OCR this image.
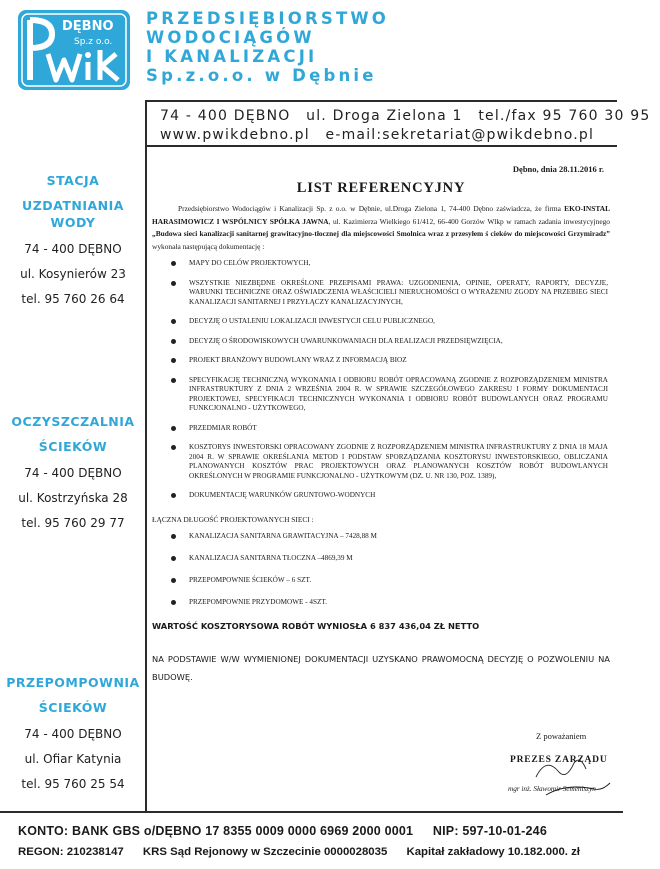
DĘBNO
Sp.z o.o.
PRZEDSIĘBIORSTWO
WODOCIĄGÓW
I KANALIZACJI
Sp.z.o.o. w Dębnie
74 - 400 DĘBNO ul. Droga Zielona 1 tel./fax 95 760 30 95
www.pwikdebno.pl e-mail:sekretariat@pwikdebno.pl
STACJA
UZDATNIANIA WODY
74 - 400 DĘBNO
ul. Kosynierów 23
tel. 95 760 26 64
OCZYSZCZALNIA
ŚCIEKÓW
74 - 400 DĘBNO
ul. Kostrzyńska 28
tel. 95 760 29 77
PRZEPOMPOWNIA
ŚCIEKÓW
74 - 400 DĘBNO
ul. Ofiar Katynia
tel. 95 760 25 54
Dębno, dnia 28.11.2016 r.
LIST REFERENCYJNY

Przedsiębiorstwo Wodociągów i Kanalizacji Sp. z o.o. w Dębnie, ul.Droga Zielona 1, 74-400 Dębno zaświadcza, że firma EKO-INSTAL HARASIMOWICZ I WSPÓLNICY SPÓŁKA JAWNA, ul. Kazimierza Wielkiego 61/412, 66-400 Gorzów Wlkp w ramach zadania inwestycyjnego „Budowa sieci kanalizacji sanitarnej grawitacyjno-tłocznej dla miejscowości Smolnica wraz z przesyłem ś cieków do miejscowości Grzymiradz” wykonała następującą dokumentację :

MAPY DO CELÓW PROJEKTOWYCH,
WSZYSTKIE NIEZBĘDNE OKREŚLONE PRZEPISAMI PRAWA: UZGODNIENIA, OPINIE, OPERATY, RAPORTY, DECYZJE, WARUNKI TECHNICZNE ORAZ OŚWIADCZENIA WŁAŚCICIELI NIERUCHOMOŚCI O WYRAŻENIU ZGODY NA PRZEBIEG SIECI KANALIZACJI SANITARNEJ I PRZYŁĄCZY KANALIZACYJNYCH,
DECYZJĘ O USTALENIU LOKALIZACJI INWESTYCJI CELU PUBLICZNEGO,
DECYZJĘ O ŚRODOWISKOWYCH UWARUNKOWANIACH DLA REALIZACJI PRZEDSIĘWZIĘCIA,
PROJEKT BRANŻOWY BUDOWLANY WRAZ Z INFORMACJĄ BIOZ
SPECYFIKACJĘ TECHNICZNĄ WYKONANIA I ODBIORU ROBÓT OPRACOWANĄ ZGODNIE Z ROZPORZĄDZENIEM MINISTRA INFRASTRUKTURY Z DNIA 2 WRZEŚNIA 2004 R. W SPRAWIE SZCZEGÓŁOWEGO ZAKRESU I FORMY DOKUMENTACJI PROJEKTOWEJ, SPECYFIKACJI TECHNICZNYCH WYKONANIA I ODBIORU ROBÓT BUDOWLANYCH ORAZ PROGRAMU FUNKCJONALNO - UŻYTKOWEGO,
PRZEDMIAR ROBÓT
KOSZTORYS INWESTORSKI OPRACOWANY ZGODNIE Z ROZPORZĄDZENIEM MINISTRA INFRASTRUKTURY Z DNIA 18 MAJA 2004 R. W SPRAWIE OKREŚLANIA METOD I PODSTAW SPORZĄDZANIA KOSZTORYSU INWESTORSKIEGO, OBLICZANIA PLANOWANYCH KOSZTÓW PRAC PROJEKTOWYCH ORAZ PLANOWANYCH KOSZTÓW ROBÓT BUDOWLANYCH OKREŚLONYCH W PROGRAMIE FUNKCJONALNO - UŻYTKOWYM (DZ. U. NR 130, POZ. 1389),
DOKUMENTACJĘ WARUNKÓW GRUNTOWO-WODNYCH
ŁĄCZNA DŁUGOŚĆ PROJEKTOWANYCH SIECI :
KANALIZACJA SANITARNA GRAWITACYJNA – 7428,88 M
KANALIZACJA SANITARNA TŁOCZNA –4869,39 M
PRZEPOMPOWNIE ŚCIEKÓW – 6 SZT.
PRZEPOMPOWNIE PRZYDOMOWE - 4SZT.
WARTOŚĆ KOSZTORYSOWA ROBÓT WYNIOSŁA 6 837 436,04 ZŁ NETTO
NA PODSTAWIE W/W WYMIENIONEJ DOKUMENTACJI UZYSKANO PRAWOMOCNĄ DECYZJĘ O POZWOLENIU NA BUDOWĘ.
Z poważaniem
PREZES ZARZĄDU
mgr inż. Sławomir Semeniszyn
KONTO: BANK GBS o/DĘBNO 17 8355 0009 0000 6969 2000 0001 NIP: 597-10-01-246
REGON: 210238147 KRS Sąd Rejonowy w Szczecinie 0000028035 Kapitał zakładowy 10.182.000. zł
